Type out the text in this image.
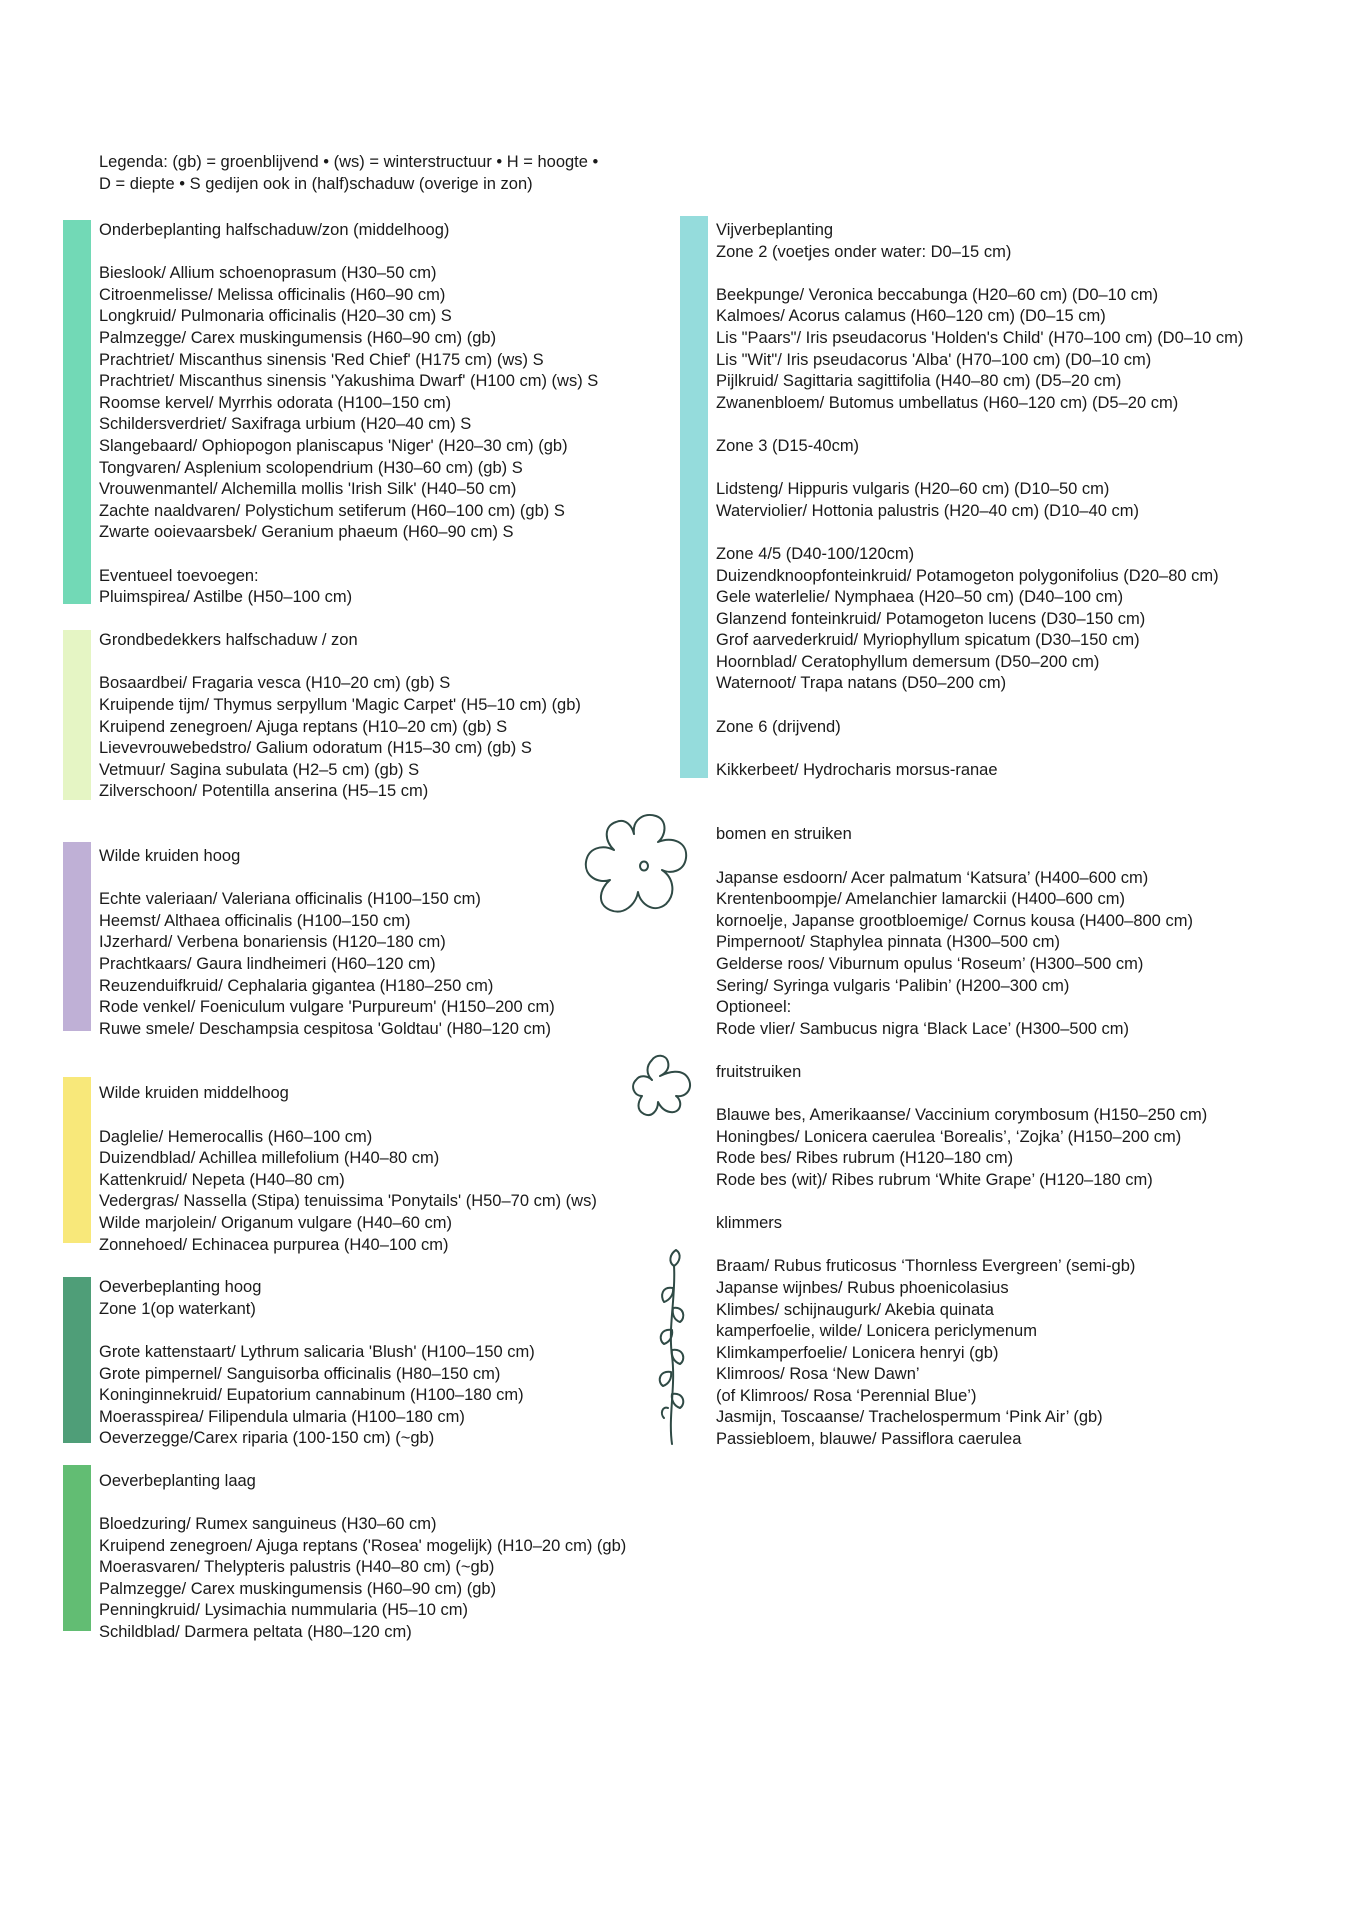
Legenda: (gb) = groenblijvend • (ws) = winterstructuur • H = hoogte •
D = diepte • S gedijen ook in (half)schaduw (overige in zon)
Onderbeplanting halfschaduw/zon (middelhoog)
Bieslook/ Allium schoenoprasum (H30–50 cm)
Citroenmelisse/ Melissa officinalis (H60–90 cm)
Longkruid/ Pulmonaria officinalis (H20–30 cm) S
Palmzegge/ Carex muskingumensis (H60–90 cm) (gb)
Prachtriet/ Miscanthus sinensis 'Red Chief' (H175 cm) (ws) S
Prachtriet/ Miscanthus sinensis 'Yakushima Dwarf' (H100 cm) (ws) S
Roomse kervel/ Myrrhis odorata (H100–150 cm)
Schildersverdriet/ Saxifraga urbium (H20–40 cm) S
Slangebaard/ Ophiopogon planiscapus 'Niger' (H20–30 cm) (gb)
Tongvaren/ Asplenium scolopendrium (H30–60 cm) (gb) S
Vrouwenmantel/ Alchemilla mollis 'Irish Silk' (H40–50 cm)
Zachte naaldvaren/ Polystichum setiferum (H60–100 cm) (gb) S
Zwarte ooievaarsbek/ Geranium phaeum (H60–90 cm) S
Eventueel toevoegen:
Pluimspirea/ Astilbe (H50–100 cm)
Grondbedekkers halfschaduw / zon
Bosaardbei/ Fragaria vesca (H10–20 cm) (gb) S
Kruipende tijm/ Thymus serpyllum 'Magic Carpet' (H5–10 cm) (gb)
Kruipend zenegroen/ Ajuga reptans (H10–20 cm) (gb) S
Lievevrouwebedstro/ Galium odoratum (H15–30 cm) (gb) S
Vetmuur/ Sagina subulata (H2–5 cm) (gb) S
Zilverschoon/ Potentilla anserina (H5–15 cm)
Wilde kruiden hoog
Echte valeriaan/ Valeriana officinalis (H100–150 cm)
Heemst/ Althaea officinalis (H100–150 cm)
IJzerhard/ Verbena bonariensis (H120–180 cm)
Prachtkaars/ Gaura lindheimeri (H60–120 cm)
Reuzenduifkruid/ Cephalaria gigantea (H180–250 cm)
Rode venkel/ Foeniculum vulgare 'Purpureum' (H150–200 cm)
Ruwe smele/ Deschampsia cespitosa 'Goldtau' (H80–120 cm)
Wilde kruiden middelhoog
Daglelie/ Hemerocallis (H60–100 cm)
Duizendblad/ Achillea millefolium (H40–80 cm)
Kattenkruid/ Nepeta (H40–80 cm)
Vedergras/ Nassella (Stipa) tenuissima 'Ponytails' (H50–70 cm) (ws)
Wilde marjolein/ Origanum vulgare (H40–60 cm)
Zonnehoed/ Echinacea purpurea (H40–100 cm)
Oeverbeplanting hoog
Zone 1(op waterkant)
Grote kattenstaart/ Lythrum salicaria 'Blush' (H100–150 cm)
Grote pimpernel/ Sanguisorba officinalis (H80–150 cm)
Koninginnekruid/ Eupatorium cannabinum (H100–180 cm)
Moerasspirea/ Filipendula ulmaria (H100–180 cm)
Oeverzegge/Carex riparia (100-150 cm) (~gb)
Oeverbeplanting laag
Bloedzuring/ Rumex sanguineus (H30–60 cm)
Kruipend zenegroen/ Ajuga reptans ('Rosea' mogelijk) (H10–20 cm) (gb)
Moerasvaren/ Thelypteris palustris (H40–80 cm) (~gb)
Palmzegge/ Carex muskingumensis (H60–90 cm) (gb)
Penningkruid/ Lysimachia nummularia (H5–10 cm)
Schildblad/ Darmera peltata (H80–120 cm)
Vijverbeplanting
Zone 2 (voetjes onder water: D0–15 cm)
Beekpunge/ Veronica beccabunga (H20–60 cm) (D0–10 cm)
Kalmoes/ Acorus calamus (H60–120 cm) (D0–15 cm)
Lis "Paars"/ Iris pseudacorus 'Holden's Child' (H70–100 cm) (D0–10 cm)
Lis "Wit"/ Iris pseudacorus 'Alba' (H70–100 cm) (D0–10 cm)
Pijlkruid/ Sagittaria sagittifolia (H40–80 cm) (D5–20 cm)
Zwanenbloem/ Butomus umbellatus (H60–120 cm) (D5–20 cm)
Zone 3 (D15-40cm)
Lidsteng/ Hippuris vulgaris (H20–60 cm) (D10–50 cm)
Waterviolier/ Hottonia palustris (H20–40 cm) (D10–40 cm)
Zone 4/5 (D40-100/120cm)
Duizendknoopfonteinkruid/ Potamogeton polygonifolius (D20–80 cm)
Gele waterlelie/ Nymphaea (H20–50 cm) (D40–100 cm)
Glanzend fonteinkruid/ Potamogeton lucens (D30–150 cm)
Grof aarvederkruid/ Myriophyllum spicatum (D30–150 cm)
Hoornblad/ Ceratophyllum demersum (D50–200 cm)
Waternoot/ Trapa natans (D50–200 cm)
Zone 6 (drijvend)
Kikkerbeet/ Hydrocharis morsus-ranae
bomen en struiken
Japanse esdoorn/ Acer palmatum ‘Katsura’ (H400–600 cm)
Krentenboompje/ Amelanchier lamarckii (H400–600 cm)
kornoelje, Japanse grootbloemige/ Cornus kousa (H400–800 cm)
Pimpernoot/ Staphylea pinnata (H300–500 cm)
Gelderse roos/ Viburnum opulus ‘Roseum’ (H300–500 cm)
Sering/ Syringa vulgaris ‘Palibin’ (H200–300 cm)
Optioneel:
Rode vlier/ Sambucus nigra ‘Black Lace’ (H300–500 cm)
fruitstruiken
Blauwe bes, Amerikaanse/ Vaccinium corymbosum (H150–250 cm)
Honingbes/ Lonicera caerulea ‘Borealis’, ‘Zojka’ (H150–200 cm)
Rode bes/ Ribes rubrum (H120–180 cm)
Rode bes (wit)/ Ribes rubrum ‘White Grape’ (H120–180 cm)
klimmers
Braam/ Rubus fruticosus ‘Thornless Evergreen’ (semi-gb)
Japanse wijnbes/ Rubus phoenicolasius
Klimbes/ schijnaugurk/ Akebia quinata
kamperfoelie, wilde/ Lonicera periclymenum
Klimkamperfoelie/ Lonicera henryi (gb)
Klimroos/ Rosa ‘New Dawn’
(of Klimroos/ Rosa ‘Perennial Blue’)
Jasmijn, Toscaanse/ Trachelospermum ‘Pink Air’ (gb)
Passiebloem, blauwe/ Passiflora caerulea
